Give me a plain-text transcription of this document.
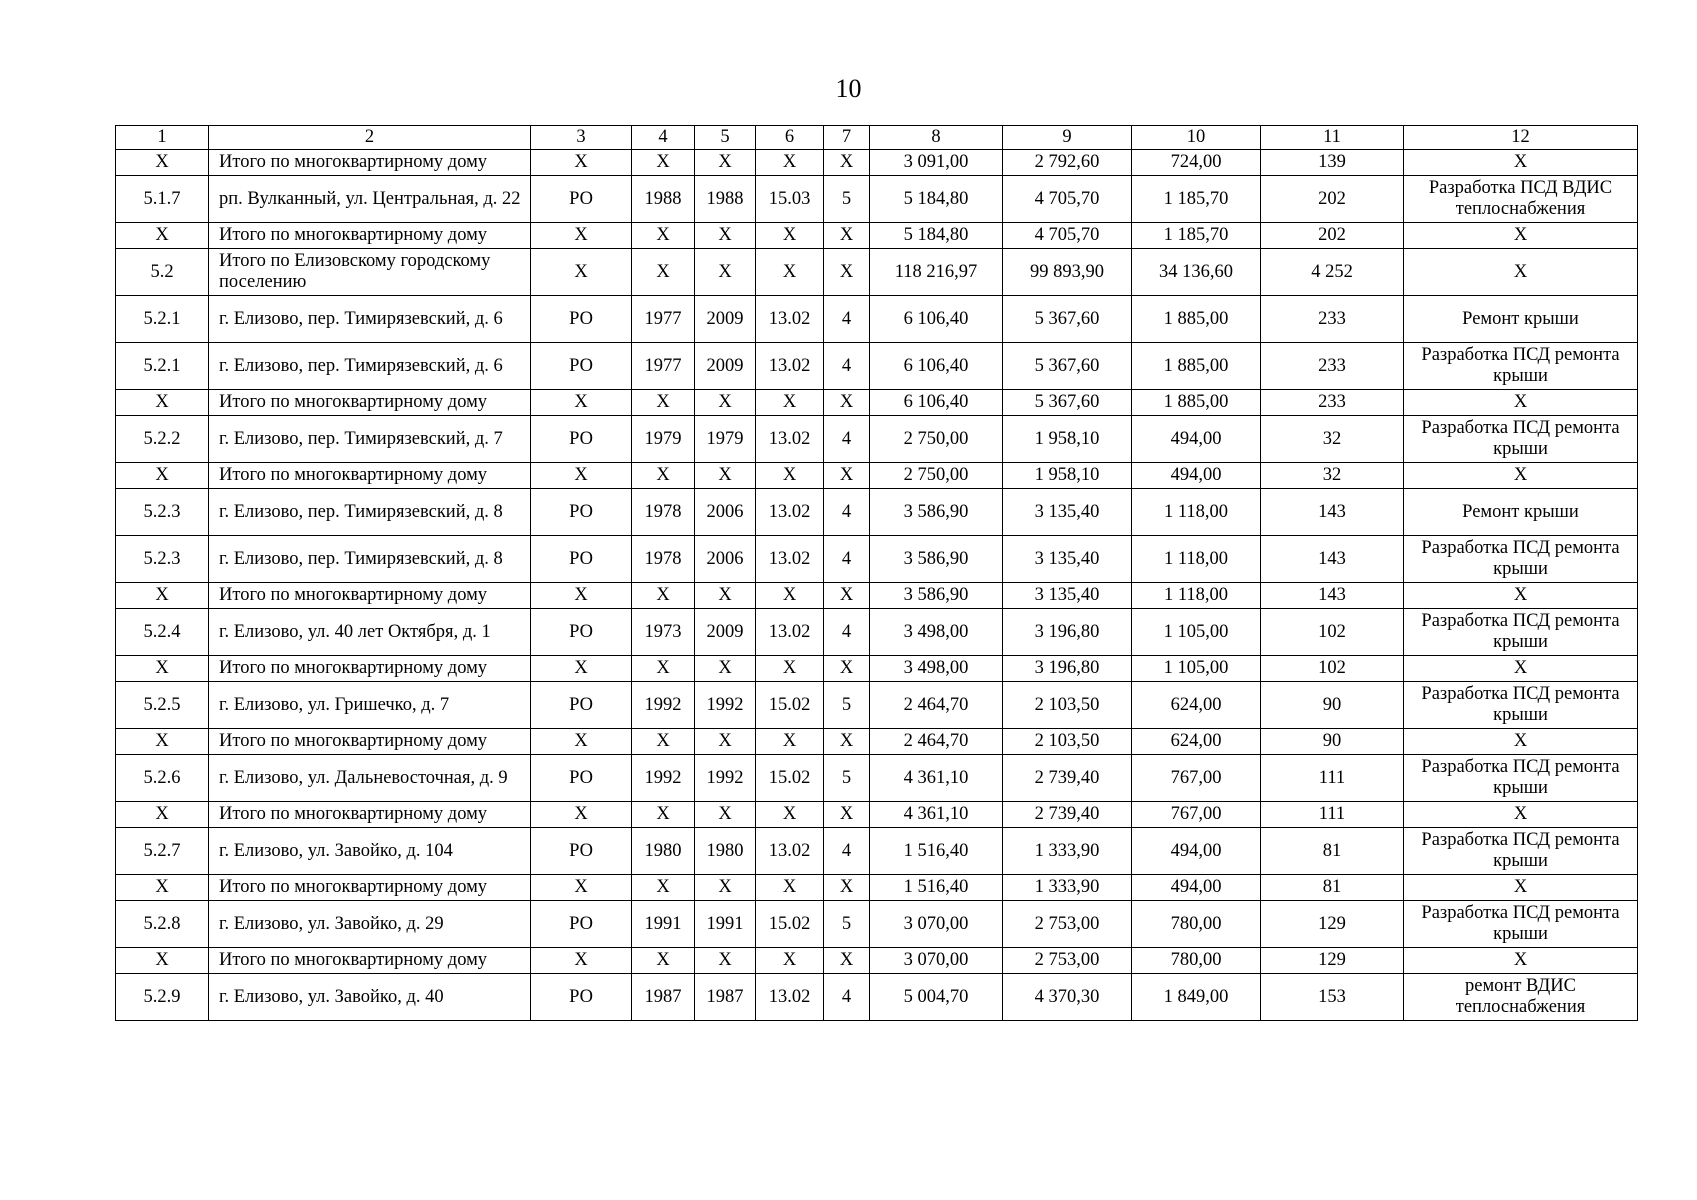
10
1	2	3	4	5	6	7	8	9	10	11	12
Х	Итого по многоквартирному дому	Х	Х	Х	Х	Х	3 091,00	2 792,60	724,00	139	Х
5.1.7	рп. Вулканный, ул. Центральная, д. 22	РО	1988	1988	15.03	5	5 184,80	4 705,70	1 185,70	202	Разработка ПСД ВДИС теплоснабжения
Х	Итого по многоквартирному дому	Х	Х	Х	Х	Х	5 184,80	4 705,70	1 185,70	202	Х
5.2	Итого по Елизовскому городскому поселению	Х	Х	Х	Х	Х	118 216,97	99 893,90	34 136,60	4 252	Х
5.2.1	г. Елизово, пер. Тимирязевский, д. 6	РО	1977	2009	13.02	4	6 106,40	5 367,60	1 885,00	233	Ремонт крыши
5.2.1	г. Елизово, пер. Тимирязевский, д. 6	РО	1977	2009	13.02	4	6 106,40	5 367,60	1 885,00	233	Разработка ПСД ремонта крыши
Х	Итого по многоквартирному дому	Х	Х	Х	Х	Х	6 106,40	5 367,60	1 885,00	233	Х
5.2.2	г. Елизово, пер. Тимирязевский, д. 7	РО	1979	1979	13.02	4	2 750,00	1 958,10	494,00	32	Разработка ПСД ремонта крыши
Х	Итого по многоквартирному дому	Х	Х	Х	Х	Х	2 750,00	1 958,10	494,00	32	Х
5.2.3	г. Елизово, пер. Тимирязевский, д. 8	РО	1978	2006	13.02	4	3 586,90	3 135,40	1 118,00	143	Ремонт крыши
5.2.3	г. Елизово, пер. Тимирязевский, д. 8	РО	1978	2006	13.02	4	3 586,90	3 135,40	1 118,00	143	Разработка ПСД ремонта крыши
Х	Итого по многоквартирному дому	Х	Х	Х	Х	Х	3 586,90	3 135,40	1 118,00	143	Х
5.2.4	г. Елизово, ул. 40 лет Октября, д. 1	РО	1973	2009	13.02	4	3 498,00	3 196,80	1 105,00	102	Разработка ПСД ремонта крыши
Х	Итого по многоквартирному дому	Х	Х	Х	Х	Х	3 498,00	3 196,80	1 105,00	102	Х
5.2.5	г. Елизово, ул. Гришечко, д. 7	РО	1992	1992	15.02	5	2 464,70	2 103,50	624,00	90	Разработка ПСД ремонта крыши
Х	Итого по многоквартирному дому	Х	Х	Х	Х	Х	2 464,70	2 103,50	624,00	90	Х
5.2.6	г. Елизово, ул. Дальневосточная, д. 9	РО	1992	1992	15.02	5	4 361,10	2 739,40	767,00	111	Разработка ПСД ремонта крыши
Х	Итого по многоквартирному дому	Х	Х	Х	Х	Х	4 361,10	2 739,40	767,00	111	Х
5.2.7	г. Елизово, ул. Завойко, д. 104	РО	1980	1980	13.02	4	1 516,40	1 333,90	494,00	81	Разработка ПСД ремонта крыши
Х	Итого по многоквартирному дому	Х	Х	Х	Х	Х	1 516,40	1 333,90	494,00	81	Х
5.2.8	г. Елизово, ул. Завойко, д. 29	РО	1991	1991	15.02	5	3 070,00	2 753,00	780,00	129	Разработка ПСД ремонта крыши
Х	Итого по многоквартирному дому	Х	Х	Х	Х	Х	3 070,00	2 753,00	780,00	129	Х
5.2.9	г. Елизово, ул. Завойко, д. 40	РО	1987	1987	13.02	4	5 004,70	4 370,30	1 849,00	153	ремонт ВДИС теплоснабжения
